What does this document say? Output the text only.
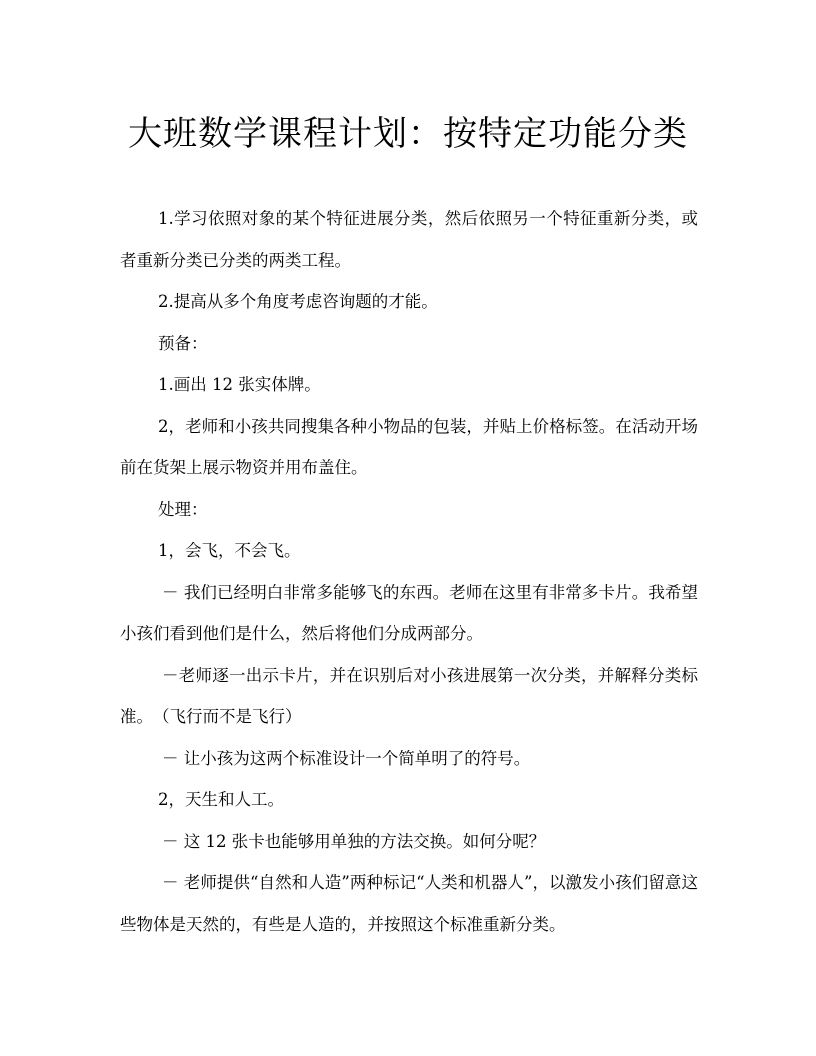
大班数学课程计划：按特定功能分类

1.学习依照对象的某个特征进展分类，然后依照另一个特征重新分类，或者重新分类已分类的两类工程。

2.提高从多个角度考虑咨询题的才能。

预备：

1.画出 12 张实体牌。

2，老师和小孩共同搜集各种小物品的包装，并贴上价格标签。在活动开场前在货架上展示物资并用布盖住。

处理：

1，会飞，不会飞。

－ 我们已经明白非常多能够飞的东西。老师在这里有非常多卡片。我希望小孩们看到他们是什么，然后将他们分成两部分。

－老师逐一出示卡片，并在识别后对小孩进展第一次分类，并解释分类标准。　（飞行而不是飞行）

－ 让小孩为这两个标准设计一个简单明了的符号。

2，天生和人工。

－ 这 12 张卡也能够用单独的方法交换。如何分呢？

－ 老师提供“自然和人造”两种标记“人类和机器人”，以激发小孩们留意这些物体是天然的，有些是人造的，并按照这个标准重新分类。
